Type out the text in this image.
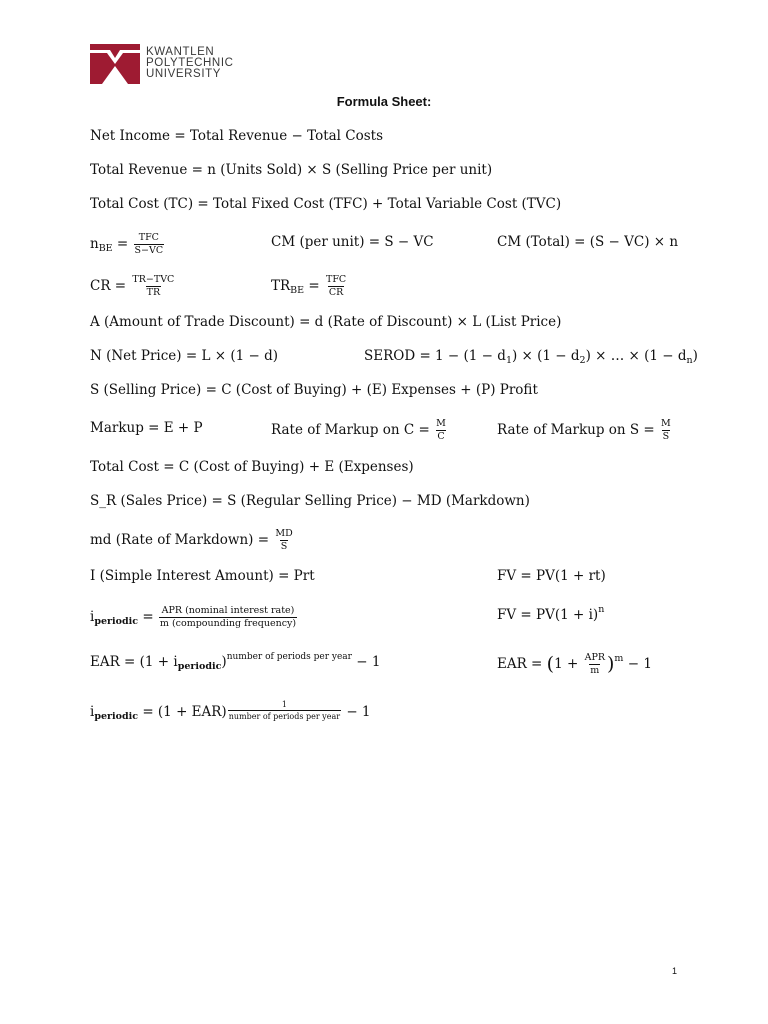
KWANTLEN
POLYTECHNIC
UNIVERSITY
Formula Sheet:
Net Income = Total Revenue − Total Costs
Total Revenue = n (Units Sold) × S (Selling Price per unit)
Total Cost (TC) = Total Fixed Cost (TFC) + Total Variable Cost (TVC)
$n_{BE} = \frac{\text{TFC}}{S-VC}$	CM (per unit) = S − VC	CM (Total) = (S − VC) × n
CR = $\frac{\text{TR−TVC}}{TR}$	$TR_{BE} = \frac{\text{TFC}}{CR}$
A (Amount of Trade Discount) = d (Rate of Discount) × L (List Price)
N (Net Price) = L × (1 − d)	SEROD = $1 - (1 - d_1) \times (1 - d_2)$ × … × $(1 - d_n)$
S (Selling Price) = C (Cost of Buying) + (E) Expenses + (P) Profit
Markup = E + P	Rate of Markup on $C = \frac{M}{C}$	Rate of Markup on $S = \frac{M}{S}$
Total Cost = C (Cost of Buying) + E (Expenses)
S_R (Sales Price) = S (Regular Selling Price) − MD (Markdown)
md (Rate of Markdown) = $\frac{MD}{S}$
I (Simple Interest Amount) = Prt	FV = PV(1 + rt)
$i_{periodic} = \frac{\text{APR (nominal interest rate)}}{\text{m (compounding frequency)}}$	FV = $PV(1 + i)^n$
EAR = $(1 + i_{periodic})^{number of periods per year} - 1$	EAR = $(1 + \frac{\text{APR}}{m} )^m - 1$
$i_{periodic} = (1 + EAR) \frac{1}{\text{number of periods per year}} - 1$
1
